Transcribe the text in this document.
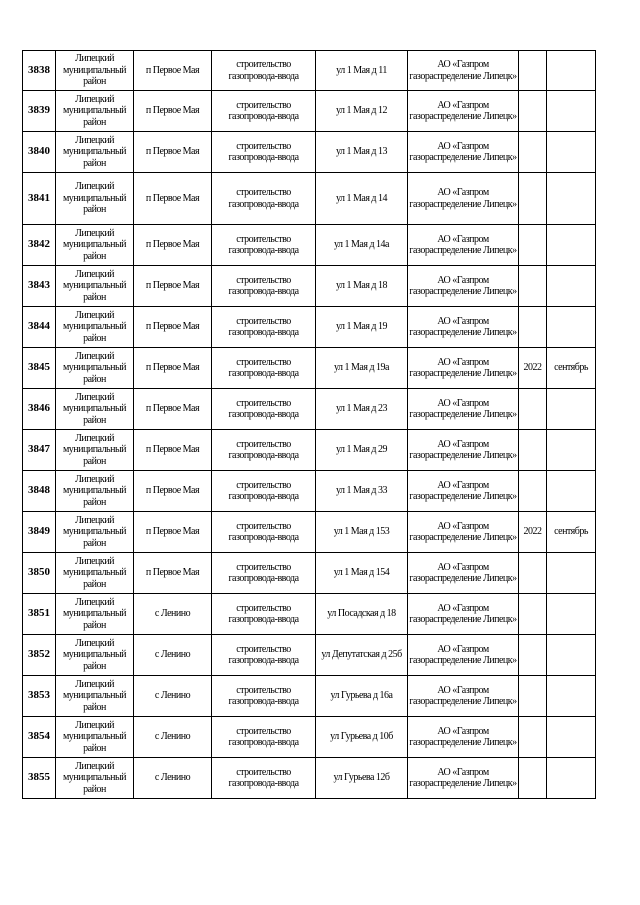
3838	Липецкий муниципальный район	п Первое Мая	строительство газопровода-ввода	ул 1 Мая д 11	АО «Газпром газораспределение Липецк»		
3839	Липецкий муниципальный район	п Первое Мая	строительство газопровода-ввода	ул 1 Мая д 12	АО «Газпром газораспределение Липецк»		
3840	Липецкий муниципальный район	п Первое Мая	строительство газопровода-ввода	ул 1 Мая д 13	АО «Газпром газораспределение Липецк»		
3841	Липецкий муниципальный район	п Первое Мая	строительство газопровода-ввода	ул 1 Мая д 14	АО «Газпром газораспределение Липецк»		
3842	Липецкий муниципальный район	п Первое Мая	строительство газопровода-ввода	ул 1 Мая д 14а	АО «Газпром газораспределение Липецк»		
3843	Липецкий муниципальный район	п Первое Мая	строительство газопровода-ввода	ул 1 Мая д 18	АО «Газпром газораспределение Липецк»		
3844	Липецкий муниципальный район	п Первое Мая	строительство газопровода-ввода	ул 1 Мая д 19	АО «Газпром газораспределение Липецк»		
3845	Липецкий муниципальный район	п Первое Мая	строительство газопровода-ввода	ул 1 Мая д 19а	АО «Газпром газораспределение Липецк»	2022	сентябрь
3846	Липецкий муниципальный район	п Первое Мая	строительство газопровода-ввода	ул 1 Мая д 23	АО «Газпром газораспределение Липецк»		
3847	Липецкий муниципальный район	п Первое Мая	строительство газопровода-ввода	ул 1 Мая д 29	АО «Газпром газораспределение Липецк»		
3848	Липецкий муниципальный район	п Первое Мая	строительство газопровода-ввода	ул 1 Мая д 33	АО «Газпром газораспределение Липецк»		
3849	Липецкий муниципальный район	п Первое Мая	строительство газопровода-ввода	ул 1 Мая д 153	АО «Газпром газораспределение Липецк»	2022	сентябрь
3850	Липецкий муниципальный район	п Первое Мая	строительство газопровода-ввода	ул 1 Мая д 154	АО «Газпром газораспределение Липецк»		
3851	Липецкий муниципальный район	с Ленино	строительство газопровода-ввода	ул Посадская д 18	АО «Газпром газораспределение Липецк»		
3852	Липецкий муниципальный район	с Ленино	строительство газопровода-ввода	ул Депутатская д 25б	АО «Газпром газораспределение Липецк»		
3853	Липецкий муниципальный район	с Ленино	строительство газопровода-ввода	ул Гурьева д 16а	АО «Газпром газораспределение Липецк»		
3854	Липецкий муниципальный район	с Ленино	строительство газопровода-ввода	ул Гурьева д 10б	АО «Газпром газораспределение Липецк»		
3855	Липецкий муниципальный район	с Ленино	строительство газопровода-ввода	ул Гурьева 12б	АО «Газпром газораспределение Липецк»		
